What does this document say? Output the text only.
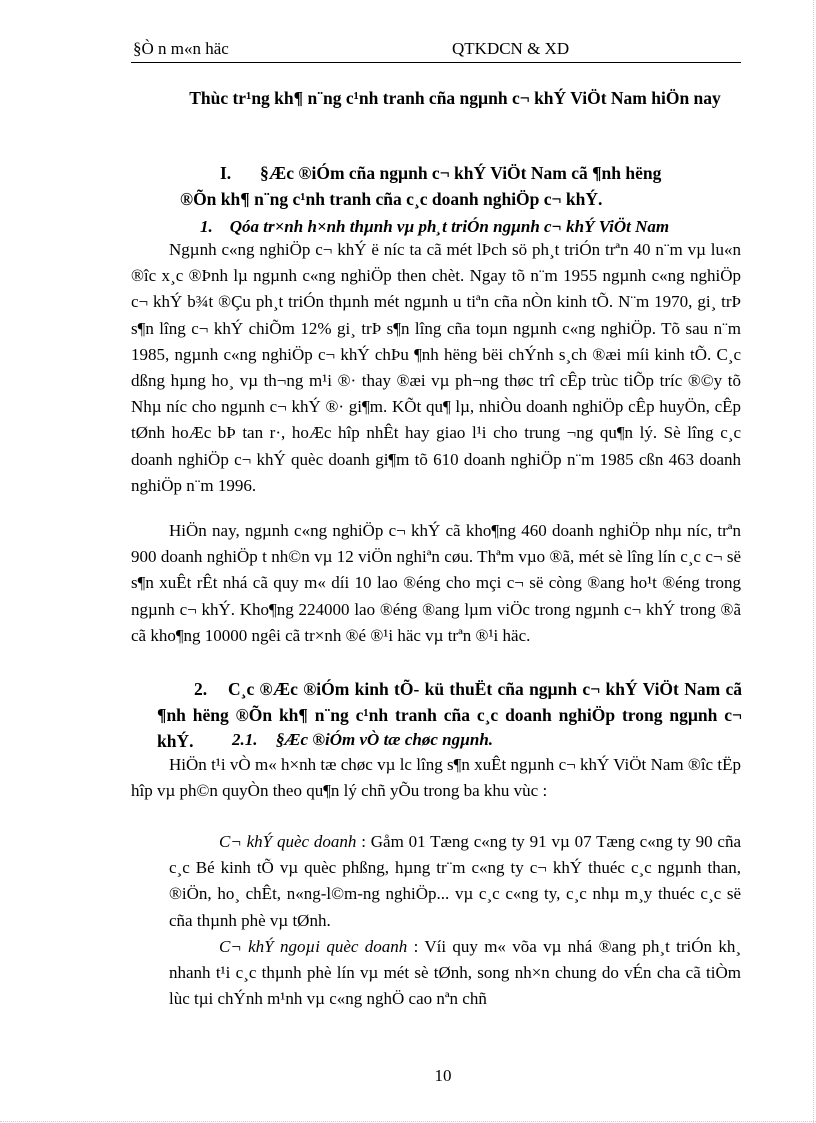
§Ò n m«n häc	QTKDCN & XD
Thùc tr¹ng kh¶ n¨ng c¹nh tranh cña ngµnh c¬ khÝ ViÖt Nam hiÖn nay
I. §Æc ®iÓm cña ngµnh c¬ khÝ ViÖt Nam cã ¶nh hëng
®Õn kh¶ n¨ng c¹nh tranh cña c¸c doanh nghiÖp c¬ khÝ.
1. Qóa tr×nh h×nh thµnh vµ ph¸t triÓn ngµnh c¬ khÝ ViÖt Nam
Ngµnh c«ng nghiÖp c¬ khÝ ë níc ta cã mét lÞch sö ph¸t triÓn trªn 40 n¨m vµ lu«n ®îc x¸c ®Þnh lµ ngµnh c«ng nghiÖp then chèt. Ngay tõ n¨m 1955 ngµnh c«ng nghiÖp c¬ khÝ b¾t ®Çu ph¸t triÓn thµnh mét ngµnh u tiªn cña nÒn kinh tÕ. N¨m 1970, gi¸ trÞ s¶n lîng c¬ khÝ chiÕm 12% gi¸ trÞ s¶n lîng cña toµn ngµnh c«ng nghiÖp. Tõ sau n¨m 1985, ngµnh c«ng nghiÖp c¬ khÝ chÞu ¶nh hëng bëi chÝnh s¸ch ®æi míi kinh tÕ. C¸c dßng hµng ho¸ vµ th¬ng m¹i ®· thay ®æi vµ ph¬ng thøc trî cÊp trùc tiÕp tríc ®©y tõ Nhµ níc cho ngµnh c¬ khÝ ®· gi¶m. KÕt qu¶ lµ, nhiÒu doanh nghiÖp cÊp huyÖn, cÊp tØnh hoÆc bÞ tan r·, hoÆc hîp nhÊt hay giao l¹i cho trung ¬ng qu¶n lý. Sè lîng c¸c doanh nghiÖp c¬ khÝ quèc doanh gi¶m tõ 610 doanh nghiÖp n¨m 1985 cßn 463 doanh nghiÖp n¨m 1996.
HiÖn nay, ngµnh c«ng nghiÖp c¬ khÝ cã kho¶ng 460 doanh nghiÖp nhµ níc, trªn 900 doanh nghiÖp t nh©n vµ 12 viÖn nghiªn cøu. Thªm vµo ®ã, mét sè lîng lín c¸c c¬ së s¶n xuÊt rÊt nhá cã quy m« díi 10 lao ®éng cho mçi c¬ së còng ®ang ho¹t ®éng trong ngµnh c¬ khÝ. Kho¶ng 224000 lao ®éng ®ang lµm viÖc trong ngµnh c¬ khÝ trong ®ã cã kho¶ng 10000 ngêi cã tr×nh ®é ®¹i häc vµ trªn ®¹i häc.
2. C¸c ®Æc ®iÓm kinh tÕ- kü thuËt cña ngµnh c¬ khÝ ViÖt Nam cã ¶nh hëng ®Õn kh¶ n¨ng c¹nh tranh cña c¸c doanh nghiÖp trong ngµnh c¬ khÝ.	2.1. §Æc ®iÓm vÒ tæ chøc ngµnh.
HiÖn t¹i vÒ m« h×nh tæ chøc vµ lc lîng s¶n xuÊt ngµnh c¬ khÝ ViÖt Nam ®îc tËp hîp vµ ph©n quyÒn theo qu¶n lý chñ yÕu trong ba khu vùc :
C¬ khÝ quèc doanh : Gåm 01 Tæng c«ng ty 91 vµ 07 Tæng c«ng ty 90 cña c¸c Bé kinh tÕ vµ quèc phßng, hµng tr¨m c«ng ty c¬ khÝ thuéc c¸c ngµnh than, ®iÖn, ho¸ chÊt, n«ng-l©m-ng nghiÖp... vµ c¸c c«ng ty, c¸c nhµ m¸y thuéc c¸c së cña thµnh phè vµ tØnh.
C¬ khÝ ngoµi quèc doanh : Víi quy m« võa vµ nhá ®ang ph¸t triÓn kh¸ nhanh t¹i c¸c thµnh phè lín vµ mét sè tØnh, song nh×n chung do vÉn cha cã tiÒm lùc tµi chÝnh m¹nh vµ c«ng nghÖ cao nªn chñ
10
